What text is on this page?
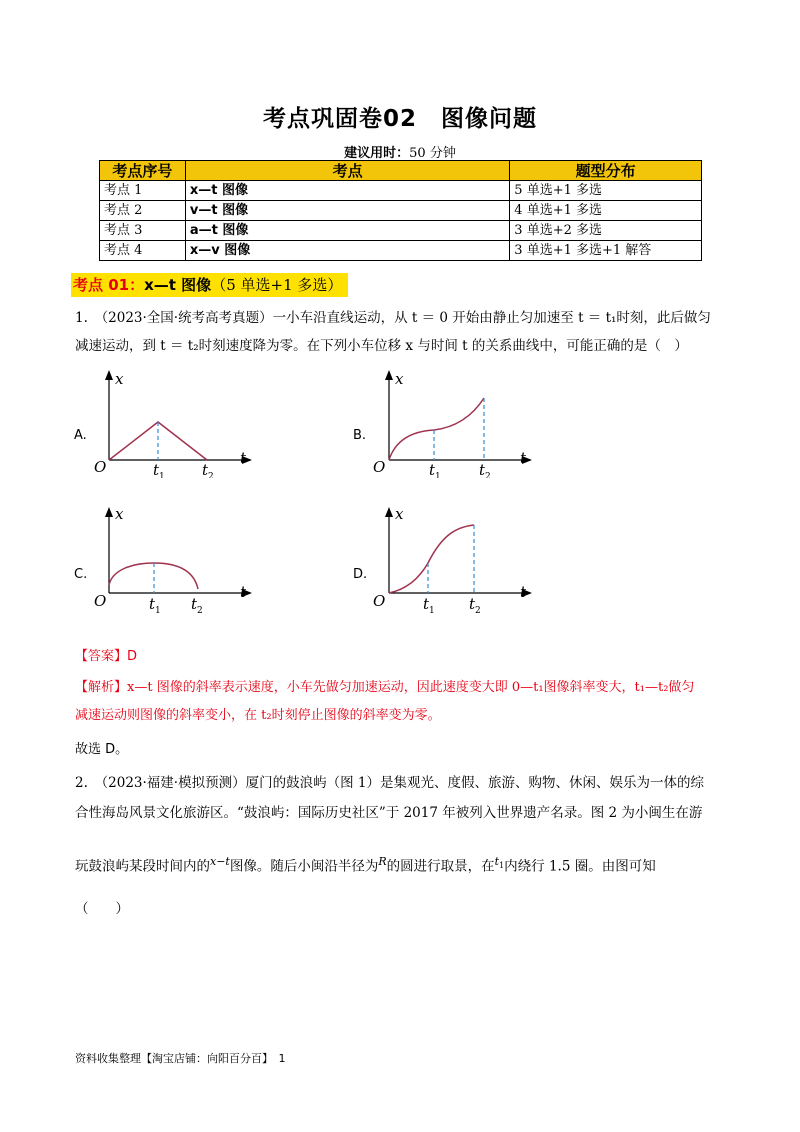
考点巩固卷02　图像问题
建议用时：50 分钟
考点序号	考点	题型分布
考点 1	x—t 图像	5 单选+1 多选
考点 2	v—t 图像	4 单选+1 多选
考点 3	a—t 图像	3 单选+2 多选
考点 4	x—v 图像	3 单选+1 多选+1 解答
考点 01：x—t 图像（5 单选+1 多选）
1.　 （2023·全国·统考高考真题）一小车沿直线运动，从 t ＝ 0 开始由静止匀加速至 t ＝ t₁时刻，此后做匀
减速运动，到 t ＝ t₂时刻速度降为零。在下列小车位移 x 与时间 t 的关系曲线中，可能正确的是（　）
A.	B.
C.	D.
x
t
O	t 1 t 2
x
t
O	t 1	t 2
x
t
O	t 1 t 2
x
t
O	t 1 t 2
【答案】D
【解析】x—t 图像的斜率表示速度，小车先做匀加速运动，因此速度变大即 0—t₁图像斜率变大，t₁—t₂做匀
减速运动则图像的斜率变小，在 t₂时刻停止图像的斜率变为零。
故选 D。
2.　 （2023·福建·模拟预测）厦门的鼓浪屿（图 1）是集观光、度假、旅游、购物、休闲、娱乐为一体的综
合性海岛风景文化旅游区。“鼓浪屿：国际历史社区”于 2017 年被列入世界遗产名录。图 2 为小闽生在游
玩鼓浪屿某段时间内的$^{x-t}$图像。随后小闽沿半径为$^R$的圆进行取景，在$^{t_1}$内绕行 1.5 圈。由图可知
（　　）
资料收集整理【淘宝店铺：向阳百分百】　 1
